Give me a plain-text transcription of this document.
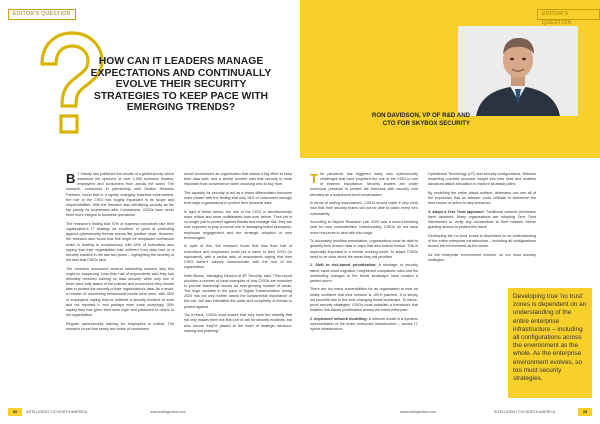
EDITOR'S QUESTION	EDITOR'S QUESTION
HOW CAN IT LEADERS MANAGE EXPECTATIONS AND CONTINUALLY EVOLVE THEIR SECURITY STRATEGIES TO KEEP PACE WITH EMERGING TRENDS?

B T Intruity has published the results of a global survey which assessed the opinions of over 2,000 business leaders, employees and consumers from across the world. The research, conducted in partnership with Deakin Hickman Partners, found that in a rapidly changing business environment, the role of the CISO has hugely expanded in its scope and responsibilities. With the research also identifying security as the top priority for businesses after Coronavirus, CISOs have never been more integral to business operations.

The research's finding that 70% of business executives rate their organisation's IT strategy as excellent or good at protecting against cybersecurity threats seems like positive news. However, the research also found that this might be misplaced confidence which is leading to complacency, with 64% of executives also saying that their organisation had suffered from data loss or a security incident in the last two years – highlighting the severity of the task that CISOs face.

The research uncovered several interesting reasons why this might be happening. Less than half of respondents said they had definitely received training on data security, while only one in three were fully aware of the policies and procedures they should take to protect the security of their organisation's data. As a result, a number of concerning behavioural trends were seen, with 45% of employees saying they've suffered a security incident at work and not reported it, and perhaps even more worryingly, 35% saying they had given their work login and password to others in the organisation.

Regular cybersecurity training for employees is critical. The research found that nearly two-thirds of consumers

would recommend an organisation that makes a big effort to keep their data safe, and a similar number said that security is more important than convenience when choosing who to buy from.

The capacity for security to act as a brand differentiator becomes even clearer with the finding that only 18% of consumers strongly trust large organisations to protect their personal data.

In light of these trends, the role of the CISO is simultaneously more critical and more multifaceted than ever before. Their job is no longer just to protect against threats and manage risk; they are now expected to play a crucial role in managing brand perception, employee engagement and the strategic adoption of new technologies.

In spite of this, the research found that less than half of executives and employees could put a name to their CISO (or equivalent), with a similar ratio of respondents saying that their CISO doesn't actively communicate with the rest of the organisation.

Keith Brown, Managing Director of BT Security, said: "This report provides a number of clear examples of how CISOs are expected to provide leadership across an ever-growing number of areas. The huge increase in the pace of Digital Transformation during 2020 has not only further raised the fundamental importance of the role, but also intensified the scale and complexity of threats to protect against.

"As a result, CISOs must ensure that they have the visibility that not only makes them the first port of call for security incidents, but also ensure they're placed at the heart of strategic decision-making and planning."

RON DAVIDSON, VP OF R&D AND
CTO FOR SKYBOX SECURITY

The pandemic has triggered many new cybersecurity challenges that have propelled the role of the CISO to one of extreme importance. Security leaders are under enormous pressure to protect the business with security now elevated as a boardroom-level conversation.

In terms of setting expectations, CISOs should make it very clear now that their security teams will not be able to patch every new vulnerability.

According to Skybox Research Lab, 2020 was a record-breaking year for new vulnerabilities. Unfortunately, CISOs do not have more resources to deal with this surge.

To accurately prioritise remediation, organisations must be able to quantify their breach risks in ways that also reduce friction. This is especially important in a remote working world. To adapt, CISOs need to be clear about the areas they will prioritise.

1. Shift to risk-based prioritisation: A shortage of security talent, rapid cloud migration, heightened compliance rules and the unrelenting changes to the threat landscape have created a perfect storm.

There are too many vulnerabilities for an organisation to ever be totally confident that their network is 100% patched. It is simply not possible due to the ever-changing threat landscape. To future-proof security strategies, CISOs must establish a framework that enables risk-based prioritisation across the entire enterprise.

2. Implement network modelling: A network model is a dynamic representation of the entire enterprise infrastructure – across IT, hybrid infrastructure,

Operational Technology (OT) and security configurations. Network modelling provides accurate insight into new risks and enables advanced attack simulation to explore all attack paths.

By modelling the entire attack surface, defenders can see all of the exposures that an attacker could infiltrate to determine the best course of action to stop breaches.

3. Adopt a Zero Trust approach: Traditional network perimeters have vanished. Many organisations are adopting Zero Trust frameworks to verify any connections to their network before granting access to protect this issue.

Developing the 'no trust' zones is dependent on an understanding of the entire enterprise infrastructure – including all configurations across the environment as the whole.

As the enterprise environment evolves, so too must security strategies.

Developing true 'no trust' zones is dependent on an understanding of the entire enterprise infrastructure – including all configurations across the environment as the whole. As the enterprise environment evolves, so too must security strategies.
32	INTELLIGENT CIO NORTH AMERICA	www.intelligentcio.com	www.intelligentcio.com	INTELLIGENT CIO NORTH AMERICA	33
